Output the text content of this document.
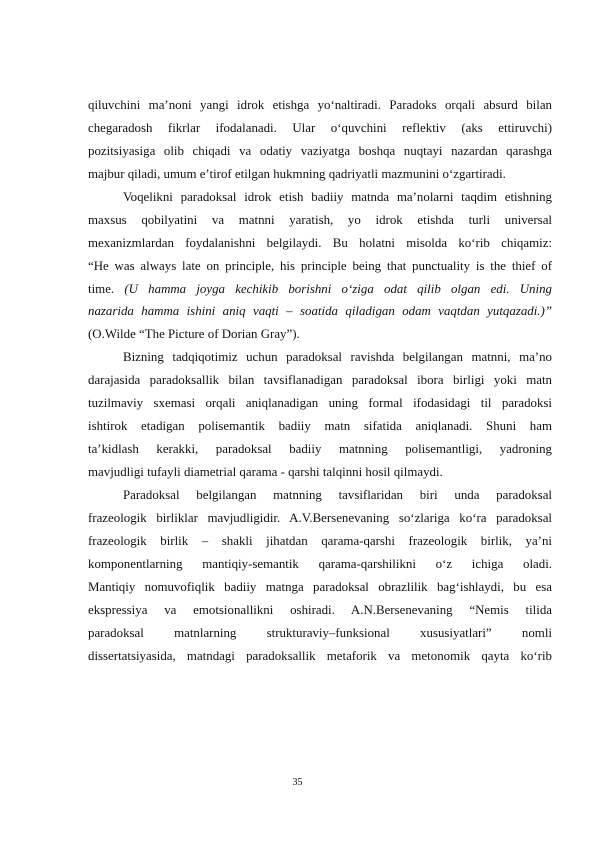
qiluvchini ma’noni yangi idrok etishga yo‘naltiradi. Paradoks orqali absurd bilan
chegaradosh fikrlar ifodalanadi. Ular o‘quvchini reflektiv (aks ettiruvchi)
pozitsiyasiga olib chiqadi va odatiy vaziyatga boshqa nuqtayi nazardan qarashga
majbur qiladi, umum e’tirof etilgan hukmning qadriyatli mazmunini o‘zgartiradi.
Voqelikni paradoksal idrok etish badiiy matnda ma’nolarni taqdim etishning
maxsus qobilyatini va matnni yaratish, yo idrok etishda turli universal
mexanizmlardan foydalanishni belgilaydi. Bu holatni misolda ko‘rib chiqamiz:
“He was always late on principle, his principle being that punctuality is the thief of
time. (U hamma joyga kechikib borishni o‘ziga odat qilib olgan edi. Uning
nazarida hamma ishini aniq vaqti – soatida qiladigan odam vaqtdan yutqazadi.)”
(O.Wilde “The Picture of Dorian Gray”).
Bizning tadqiqotimiz uchun paradoksal ravishda belgilangan matnni, ma’no
darajasida paradoksallik bilan tavsiflanadigan paradoksal ibora birligi yoki matn
tuzilmaviy sxemasi orqali aniqlanadigan uning formal ifodasidagi til paradoksi
ishtirok etadigan polisemantik badiiy matn sifatida aniqlanadi. Shuni ham
ta’kidlash kerakki, paradoksal badiiy matnning polisemantligi, yadroning
mavjudligi tufayli diametrial qarama - qarshi talqinni hosil qilmaydi.
Paradoksal belgilangan matnning tavsiflaridan biri unda paradoksal
frazeologik birliklar mavjudligidir. A.V.Bersenevaning so‘zlariga ko‘ra paradoksal
frazeologik birlik – shakli jihatdan qarama-qarshi frazeologik birlik, ya’ni
komponentlarning mantiqiy-semantik qarama-qarshilikni o‘z ichiga oladi.
Mantiqiy nomuvofiqlik badiiy matnga paradoksal obrazlilik bag‘ishlaydi, bu esa
ekspressiya va emotsionallikni oshiradi. A.N.Bersenevaning “Nemis tilida
paradoksal matnlarning strukturaviy–funksional xususiyatlari” nomli
dissertatsiyasida, matndagi paradoksallik metaforik va metonomik qayta ko‘rib
35
